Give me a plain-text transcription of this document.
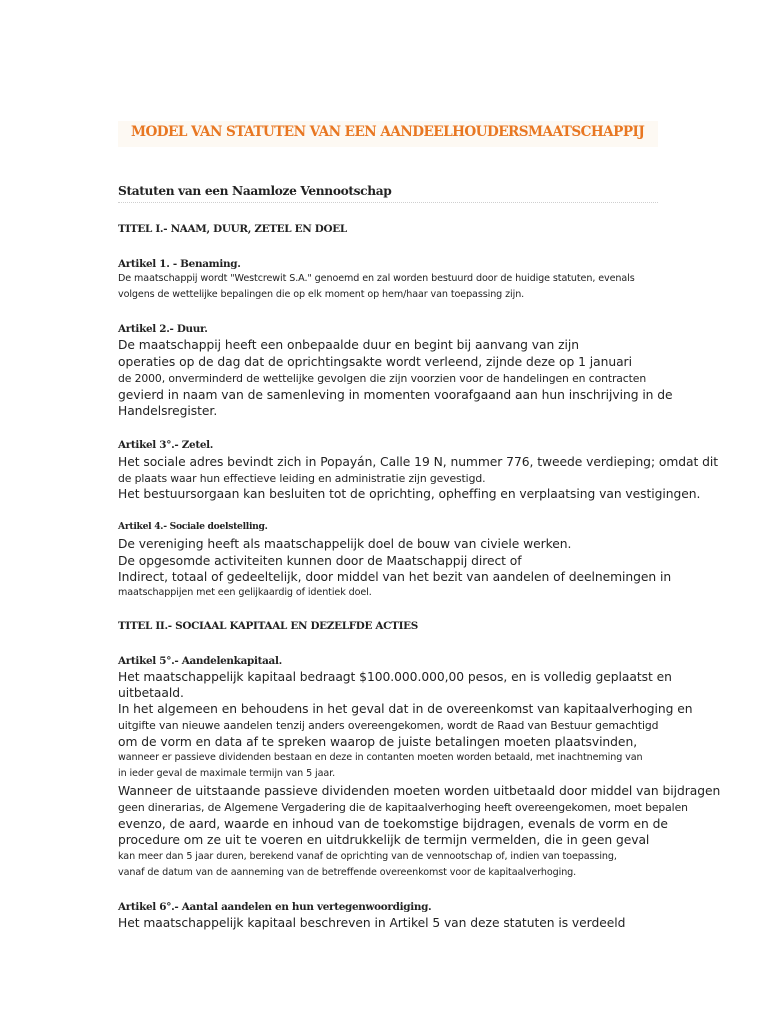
MODEL VAN STATUTEN VAN EEN AANDEELHOUDERSMAATSCHAPPIJ
Statuten van een Naamloze Vennootschap
TITEL I.- NAAM, DUUR, ZETEL EN DOEL
Artikel 1. - Benaming.
De maatschappij wordt "Westcrewit S.A." genoemd en zal worden bestuurd door de huidige statuten, evenals
volgens de wettelijke bepalingen die op elk moment op hem/haar van toepassing zijn.
Artikel 2.- Duur.
De maatschappij heeft een onbepaalde duur en begint bij aanvang van zijn
operaties op de dag dat de oprichtingsakte wordt verleend, zijnde deze op 1 januari
de 2000, onverminderd de wettelijke gevolgen die zijn voorzien voor de handelingen en contracten
gevierd in naam van de samenleving in momenten voorafgaand aan hun inschrijving in de
Handelsregister.
Artikel 3°.- Zetel.
Het sociale adres bevindt zich in Popayán, Calle 19 N, nummer 776, tweede verdieping; omdat dit
de plaats waar hun effectieve leiding en administratie zijn gevestigd.
Het bestuursorgaan kan besluiten tot de oprichting, opheffing en verplaatsing van vestigingen.
Artikel 4.- Sociale doelstelling.
De vereniging heeft als maatschappelijk doel de bouw van civiele werken.
De opgesomde activiteiten kunnen door de Maatschappij direct of
Indirect, totaal of gedeeltelijk, door middel van het bezit van aandelen of deelnemingen in
maatschappijen met een gelijkaardig of identiek doel.
TITEL II.- SOCIAAL KAPITAAL EN DEZELFDE ACTIES
Artikel 5°.- Aandelenkapitaal.
Het maatschappelijk kapitaal bedraagt $100.000.000,00 pesos, en is volledig geplaatst en
uitbetaald.
In het algemeen en behoudens in het geval dat in de overeenkomst van kapitaalverhoging en
uitgifte van nieuwe aandelen tenzij anders overeengekomen, wordt de Raad van Bestuur gemachtigd
om de vorm en data af te spreken waarop de juiste betalingen moeten plaatsvinden,
wanneer er passieve dividenden bestaan en deze in contanten moeten worden betaald, met inachtneming van
in ieder geval de maximale termijn van 5 jaar.
Wanneer de uitstaande passieve dividenden moeten worden uitbetaald door middel van bijdragen
geen dinerarias, de Algemene Vergadering die de kapitaalverhoging heeft overeengekomen, moet bepalen
evenzo, de aard, waarde en inhoud van de toekomstige bijdragen, evenals de vorm en de
procedure om ze uit te voeren en uitdrukkelijk de termijn vermelden, die in geen geval
kan meer dan 5 jaar duren, berekend vanaf de oprichting van de vennootschap of, indien van toepassing,
vanaf de datum van de aanneming van de betreffende overeenkomst voor de kapitaalverhoging.
Artikel 6°.- Aantal aandelen en hun vertegenwoordiging.
Het maatschappelijk kapitaal beschreven in Artikel 5 van deze statuten is verdeeld
